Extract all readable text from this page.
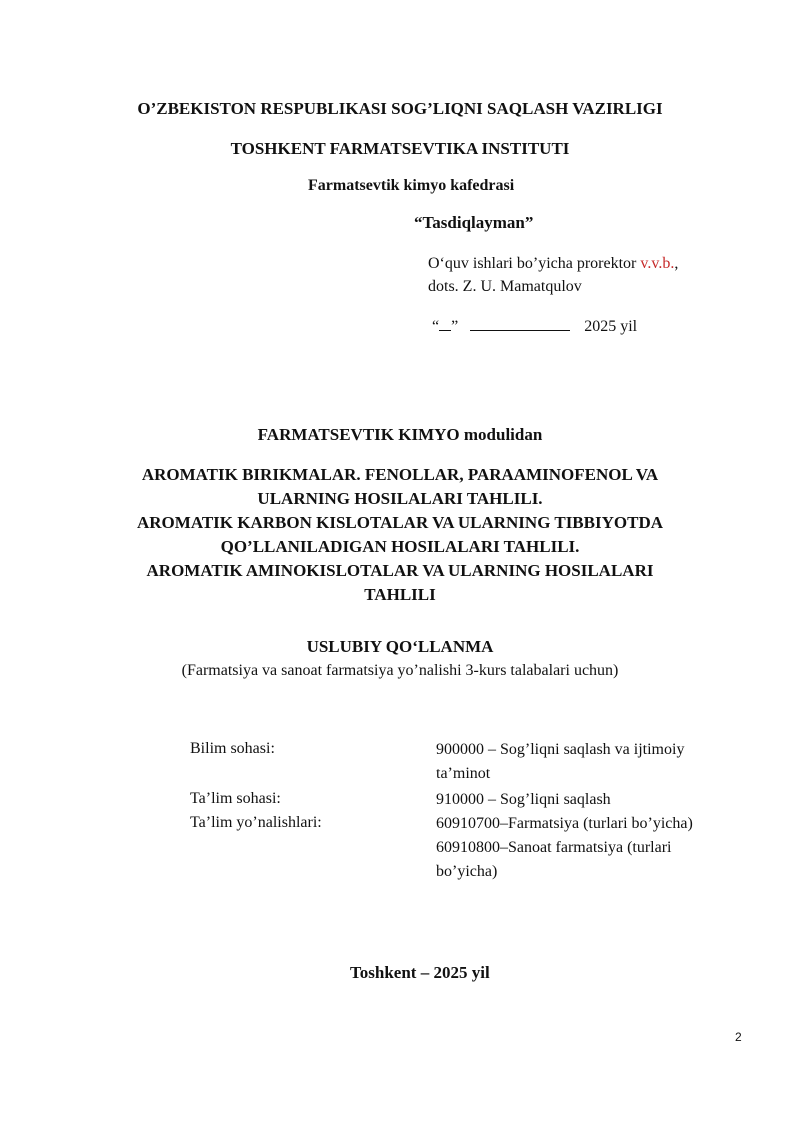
O’ZBEKISTON RESPUBLIKASI SOG’LIQNI SAQLASH VAZIRLIGI
TOSHKENT FARMATSEVTIKA INSTITUTI
Farmatsevtik kimyo kafedrasi
“Tasdiqlayman”
O‘quv ishlari bo’yicha prorektor v.v.b.,
dots. Z. U. Mamatqulov
“ ”	2025 yil
FARMATSEVTIK KIMYO modulidan
AROMATIK BIRIKMALAR. FENOLLAR, PARAAMINOFENOL VA
ULARNING HOSILALARI TAHLILI.
AROMATIK KARBON KISLOTALAR VA ULARNING TIBBIYOTDA
QO’LLANILADIGAN HOSILALARI TAHLILI.
AROMATIK AMINOKISLOTALAR VA ULARNING HOSILALARI
TAHLILI
USLUBIY QO‘LLANMA
(Farmatsiya va sanoat farmatsiya yo’nalishi 3-kurs talabalari uchun)
Bilim sohasi:	900000 – Sog’liqni saqlash va ijtimoiy
ta’minot
Ta’lim sohasi:	910000 – Sog’liqni saqlash
Ta’lim yo’nalishlari:	60910700–Farmatsiya (turlari bo’yicha)
60910800–Sanoat farmatsiya (turlari
bo’yicha)
Toshkent – 2025 yil
2
